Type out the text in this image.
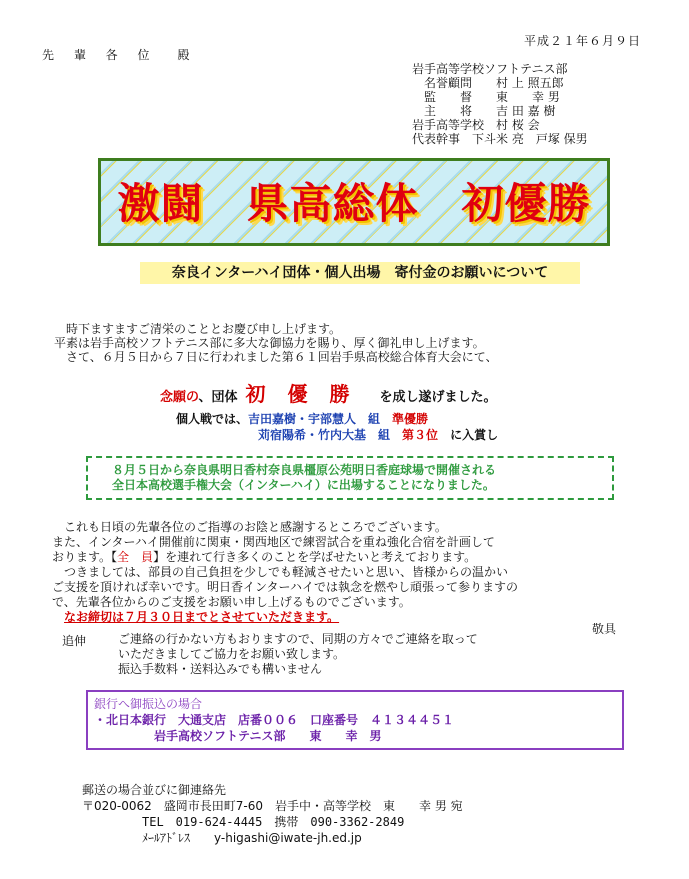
平成２１年６月９日
先 輩 各 位　殿
岩手高等学校ソフトテニス部
　名誉顧問　　村 上 照五郎
　監　　督　　東　　幸 男
　主　　将　　吉 田 嘉 樹
岩手高等学校　村 桜 会
代表幹事　下斗米 亮　戸塚 保男
激闘　県高総体　初優勝
奈良インターハイ団体・個人出場　寄付金のお願いについて
　時下ますますご清栄のこととお慶び申し上げます。
平素は岩手高校ソフトテニス部に多大な御協力を賜り、厚く御礼申し上げます。
　さて、６月５日から７日に行われました第６１回岩手県高校総合体育大会にて、
念願の、団体 初優勝 を成し遂げました。
個人戦では、吉田嘉樹・宇部慧人　組　 準優勝
苅宿陽希・竹内大基　組　 第３位　 に入賞し
８月５日から奈良県明日香村奈良県橿原公苑明日香庭球場で開催される
全日本高校選手権大会（インターハイ）に出場することになりました。
　これも日頃の先輩各位のご指導のお陰と感謝するところでございます。
また、インターハイ開催前に関東・関西地区で練習試合を重ね強化合宿を計画して
おります。【全　員】を連れて行き多くのことを学ばせたいと考えております。
　つきましては、部員の自己負担を少しでも軽減させたいと思い、皆様からの温かい
ご支援を頂ければ幸いです。明日香インターハイでは執念を燃やし頑張って参りますの
で、先輩各位からのご支援をお願い申し上げるものでございます。
　なお締切は７月３０日までとさせていただきます。
敬具
追伸	ご連絡の行かない方もおりますので、同期の方々でご連絡を取って
いただきましてご協力をお願い致します。
振込手数料・送料込みでも構いません
銀行へ御振込の場合
・北日本銀行　大通支店　店番００６　口座番号　４１３４４５１
岩手高校ソフトテニス部　　東　　幸　男
郵送の場合並びに御連絡先
〒020-0062　盛岡市長田町7-60　岩手中・高等学校　東　　幸 男 宛
TEL　019-624-4445　携帯　090-3362-2849
ﾒｰﾙｱﾄﾞﾚｽ　　y-higashi@iwate-jh.ed.jp
